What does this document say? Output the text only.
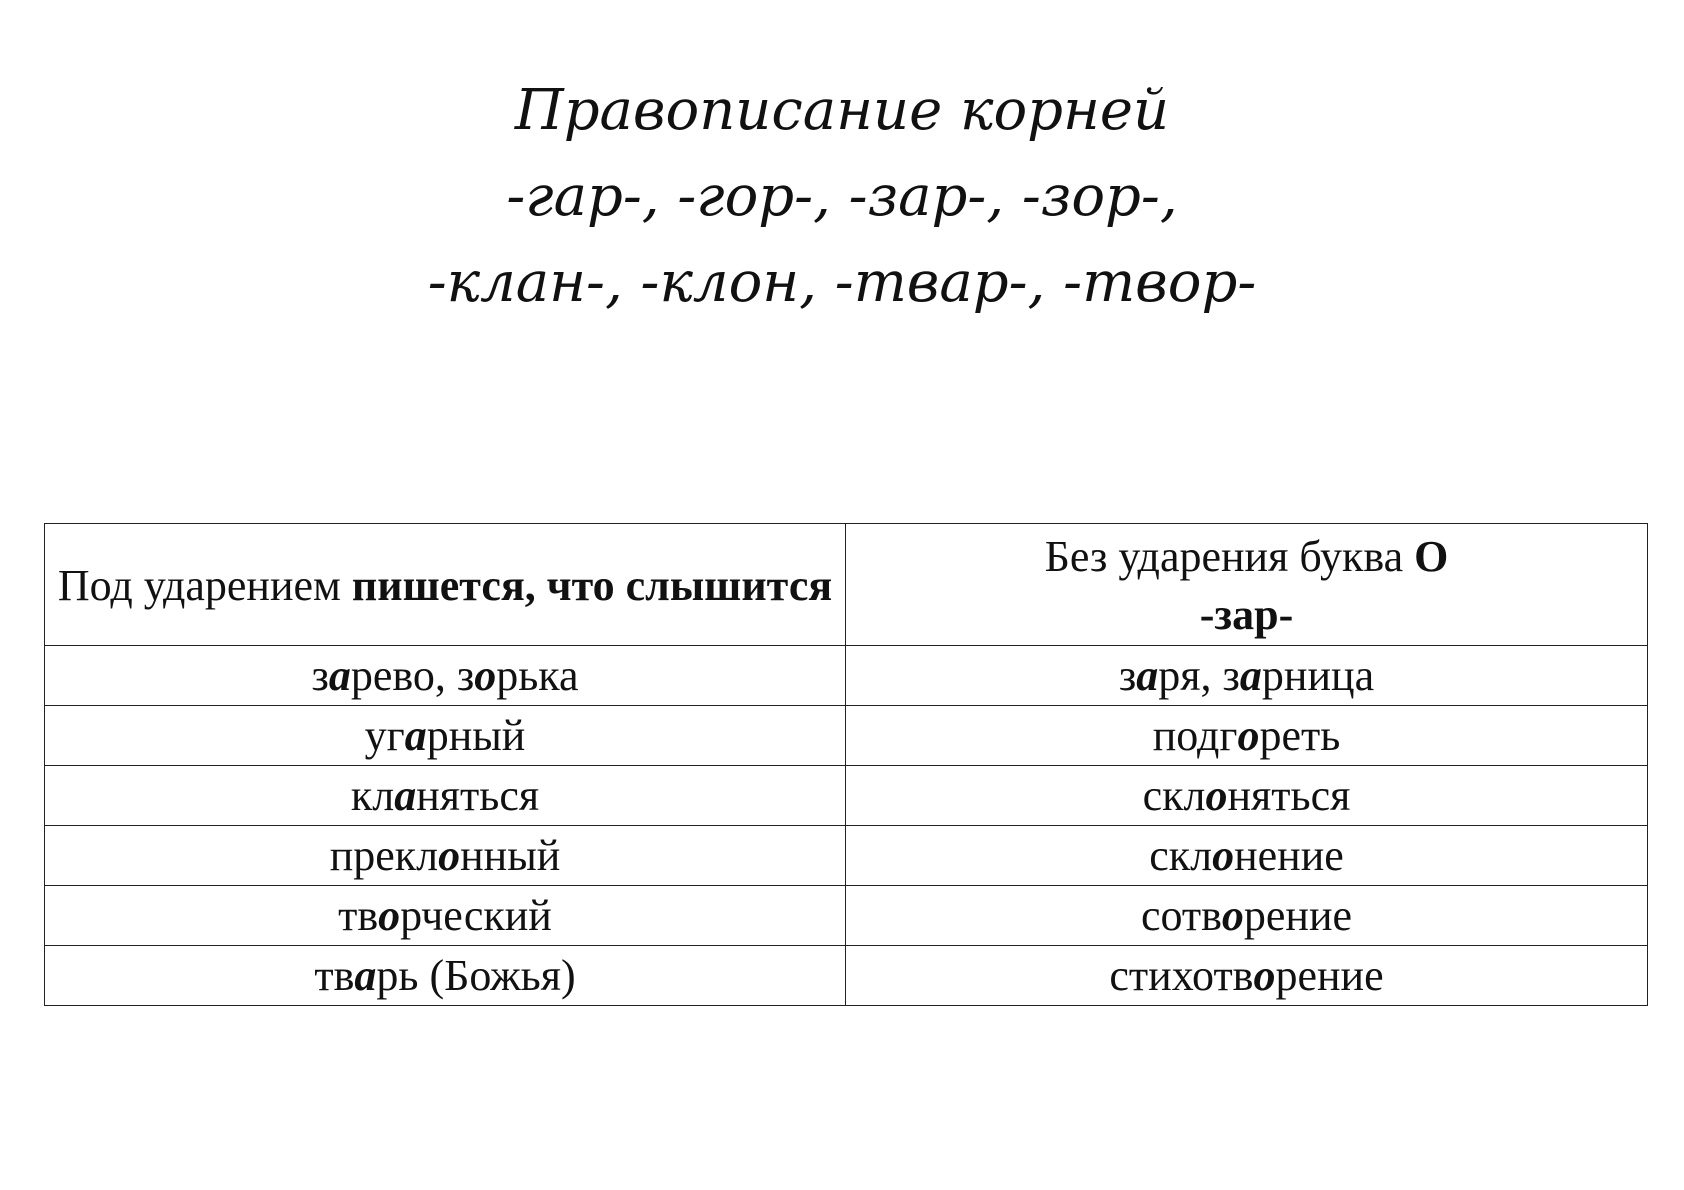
Правописание корней
-гар-, -гор-, -зар-, -зор-,
-клан-, -клон, -твар-, -твор-
Под ударением пишется, что слышится	Без ударения буква О
-зар-
зарево, зорька	заря, зарница
угарный	подгореть
кланяться	склоняться
преклонный	склонение
творческий	сотворение
тварь (Божья)	стихотворение
